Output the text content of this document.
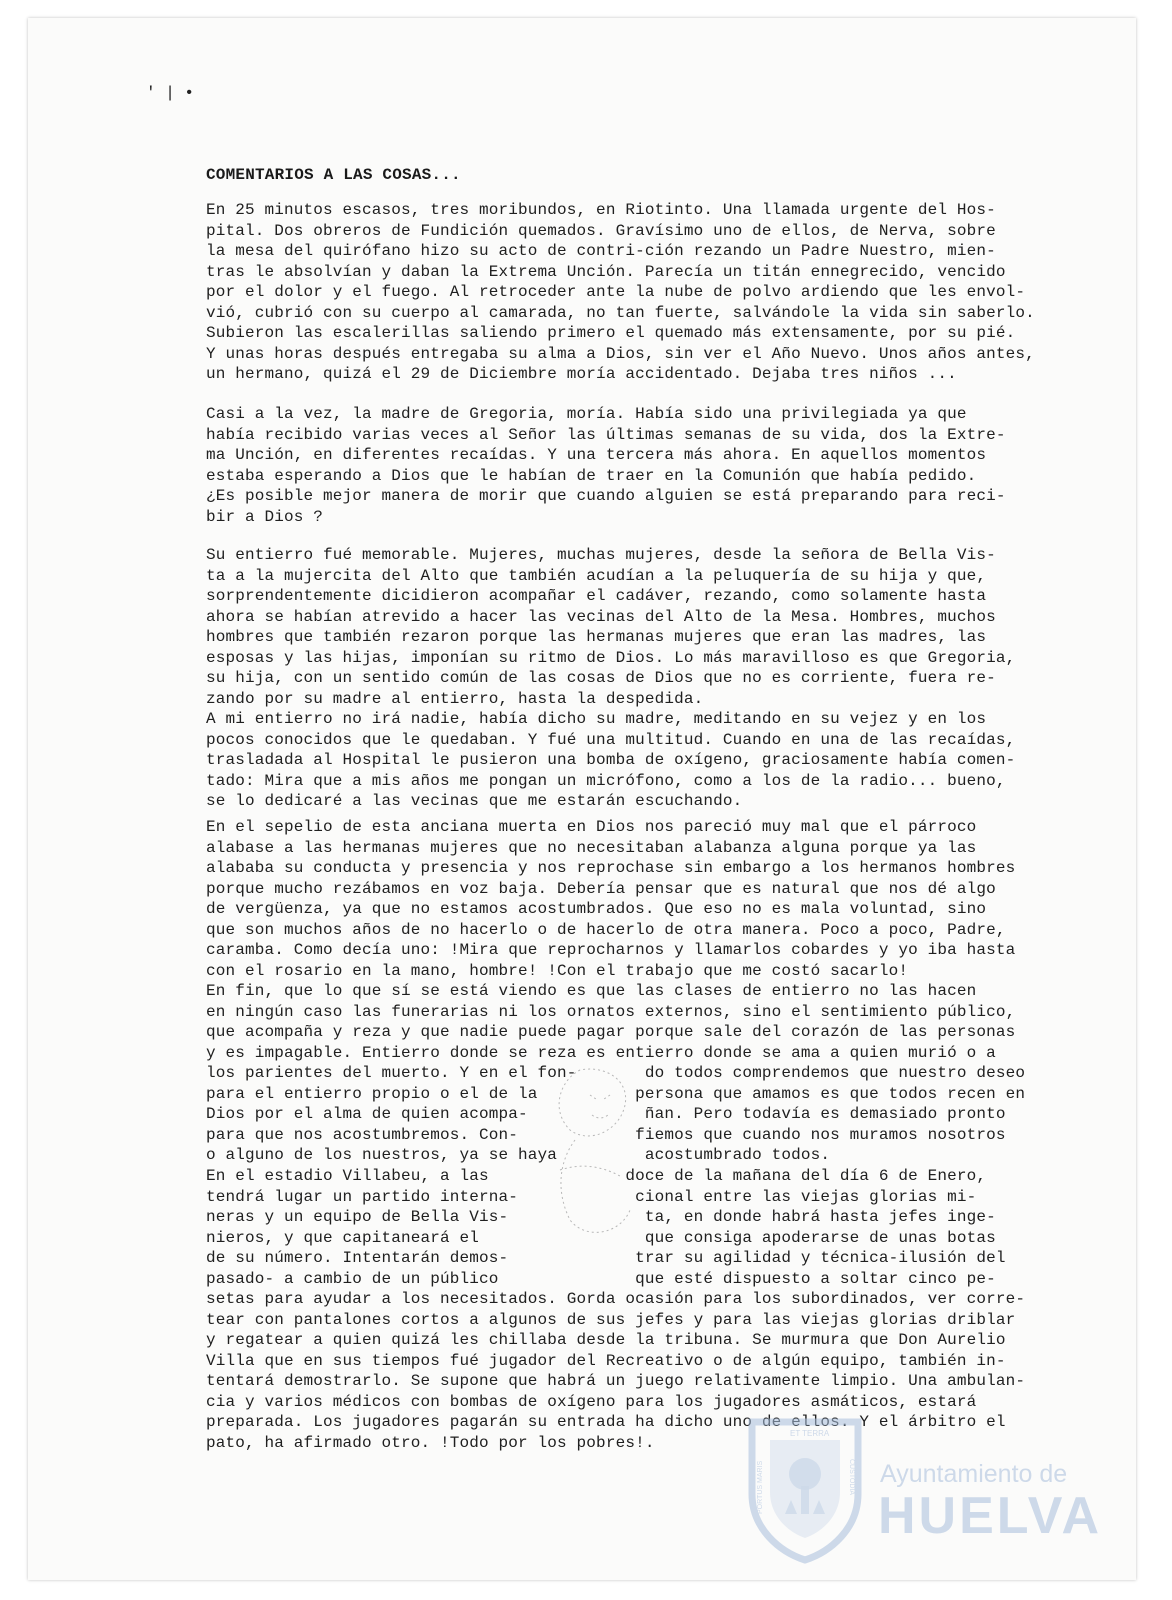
' | •
COMENTARIOS A LAS COSAS...
En 25 minutos escasos, tres moribundos, en Riotinto. Una llamada urgente del Hos-
pital. Dos obreros de Fundición quemados. Gravísimo uno de ellos, de Nerva, sobre
la mesa del quirófano hizo su acto de contri-ción rezando un Padre Nuestro, mien-
tras le absolvían y daban la Extrema Unción. Parecía un titán ennegrecido, vencido
por el dolor y el fuego. Al retroceder ante la nube de polvo ardiendo que les envol-
vió, cubrió con su cuerpo al camarada, no tan fuerte, salvándole la vida sin saberlo.
Subieron las escalerillas saliendo primero el quemado más extensamente, por su pié.
Y unas horas después entregaba su alma a Dios, sin ver el Año Nuevo. Unos años antes,
un hermano, quizá el 29 de Diciembre moría accidentado. Dejaba tres niños ...
Casi a la vez, la madre de Gregoria, moría. Había sido una privilegiada ya que
había recibido varias veces al Señor las últimas semanas de su vida, dos la Extre-
ma Unción, en diferentes recaídas. Y una tercera más ahora. En aquellos momentos
estaba esperando a Dios que le habían de traer en la Comunión que había pedido.
¿Es posible mejor manera de morir que cuando alguien se está preparando para reci-
bir a Dios ?
Su entierro fué memorable. Mujeres, muchas mujeres, desde la señora de Bella Vis-
ta a la mujercita del Alto que también acudían a la peluquería de su hija y que,
sorprendentemente dicidieron acompañar el cadáver, rezando, como solamente hasta
ahora se habían atrevido a hacer las vecinas del Alto de la Mesa. Hombres, muchos
hombres que también rezaron porque las hermanas mujeres que eran las madres, las
esposas y las hijas, imponían su ritmo de Dios. Lo más maravilloso es que Gregoria,
su hija, con un sentido común de las cosas de Dios que no es corriente, fuera re-
zando por su madre al entierro, hasta la despedida.
A mi entierro no irá nadie, había dicho su madre, meditando en su vejez y en los
pocos conocidos que le quedaban. Y fué una multitud. Cuando en una de las recaídas,
trasladada al Hospital le pusieron una bomba de oxígeno, graciosamente había comen-
tado: Mira que a mis años me pongan un micrófono, como a los de la radio... bueno,
se lo dedicaré a las vecinas que me estarán escuchando.
En el sepelio de esta anciana muerta en Dios nos pareció muy mal que el párroco
alabase a las hermanas mujeres que no necesitaban alabanza alguna porque ya las
alababa su conducta y presencia y nos reprochase sin embargo a los hermanos hombres
porque mucho rezábamos en voz baja. Debería pensar que es natural que nos dé algo
de vergüenza, ya que no estamos acostumbrados. Que eso no es mala voluntad, sino
que son muchos años de no hacerlo o de hacerlo de otra manera. Poco a poco, Padre,
caramba. Como decía uno: !Mira que reprocharnos y llamarlos cobardes y yo iba hasta
con el rosario en la mano, hombre! !Con el trabajo que me costó sacarlo!
En fin, que lo que sí se está viendo es que las clases de entierro no las hacen
en ningún caso las funerarias ni los ornatos externos, sino el sentimiento público,
que acompaña y reza y que nadie puede pagar porque sale del corazón de las personas
y es impagable. Entierro donde se reza es entierro donde se ama a quien murió o a
los parientes del muerto. Y en el fon-       do todos comprendemos que nuestro deseo
para el entierro propio o el de la          persona que amamos es que todos recen en
Dios por el alma de quien acompa-            ñan. Pero todavía es demasiado pronto
para que nos acostumbremos. Con-            fiemos que cuando nos muramos nosotros
o alguno de los nuestros, ya se haya         acostumbrado todos.
En el estadio Villabeu, a las              doce de la mañana del día 6 de Enero,
tendrá lugar un partido interna-            cional entre las viejas glorias mi-
neras y un equipo de Bella Vis-              ta, en donde habrá hasta jefes inge-
nieros, y que capitaneará el                 que consiga apoderarse de unas botas
de su número. Intentarán demos-             trar su agilidad y técnica-ilusión del
pasado- a cambio de un público              que esté dispuesto a soltar cinco pe-
setas para ayudar a los necesitados. Gorda ocasión para los subordinados, ver corre-
tear con pantalones cortos a algunos de sus jefes y para las viejas glorias driblar
y regatear a quien quizá les chillaba desde la tribuna. Se murmura que Don Aurelio
Villa que en sus tiempos fué jugador del Recreativo o de algún equipo, también in-
tentará demostrarlo. Se supone que habrá un juego relativamente limpio. Una ambulan-
cia y varios médicos con bombas de oxígeno para los jugadores asmáticos, estará
preparada. Los jugadores pagarán su entrada ha dicho uno de ellos. Y el árbitro el
pato, ha afirmado otro. !Todo por los pobres!.
PORTUS MARIS
ET TERRA
CUSTODIA Ayuntamiento de
HUELVA
